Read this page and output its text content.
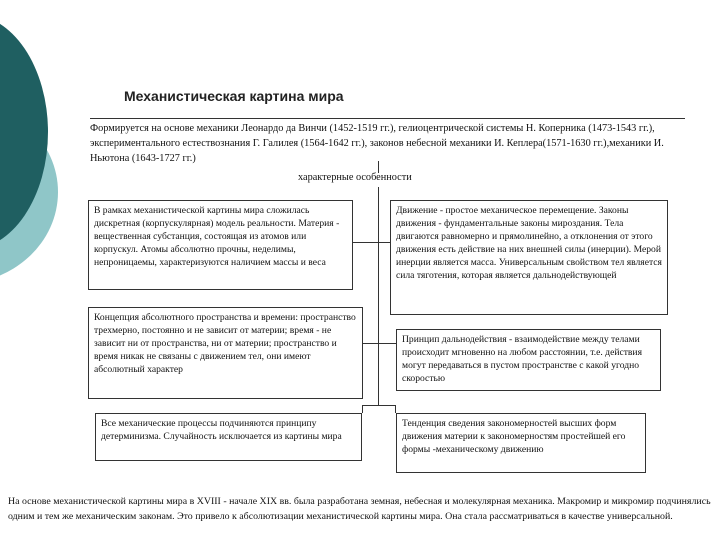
Механистическая картина мира
Формируется на основе механики Леонардо да Винчи (1452-1519 гг.), гелиоцентрической системы Н. Коперника (1473-1543 гг.), экспериментального естествознания Г. Галилея (1564-1642 гг.), законов небесной механики И. Кеплера(1571-1630 гг.),механики И. Ньютона (1643-1727 гг.)
характерные особенности
В рамках механистической картины мира сложилась дискретная (корпускулярная) модель реальности. Материя - вещественная субстанция, состоящая из атомов или корпускул. Атомы абсолютно прочны, неделимы, непроницаемы, характеризуются наличием массы и веса
Концепция абсолютного пространства и времени: пространство трехмерно, постоянно и не зависит от материи; время - не зависит ни от пространства, ни от материи; пространство и время никак не связаны с движением тел, они имеют абсолютный характер
Все механические процессы подчиняются принципу детерминизма. Случайность исключается из картины мира
Движение - простое механическое перемещение. Законы движения - фундаментальные законы мироздания. Тела двигаются равномерно и прямолинейно, а отклонения от этого движения есть действие на них внешней силы (инерции). Мерой инерции является масса. Универсальным свойством тел является сила тяготения, которая является дальнодействующей
Принцип дальнодействия - взаимодействие между телами происходит мгновенно на любом расстоянии, т.е. действия могут передаваться в пустом пространстве с какой угодно скоростью
Тенденция сведения закономерностей высших форм движения материи к закономерностям простейшей его формы -механическому движению
На основе механистической картины мира в XVIII - начале XIX вв. была разработана земная, небесная и молекулярная механика. Макромир и микромир подчинялись одним и тем же механическим законам. Это привело к абсолютизации механистической картины мира. Она стала рассматриваться в качестве универсальной.
